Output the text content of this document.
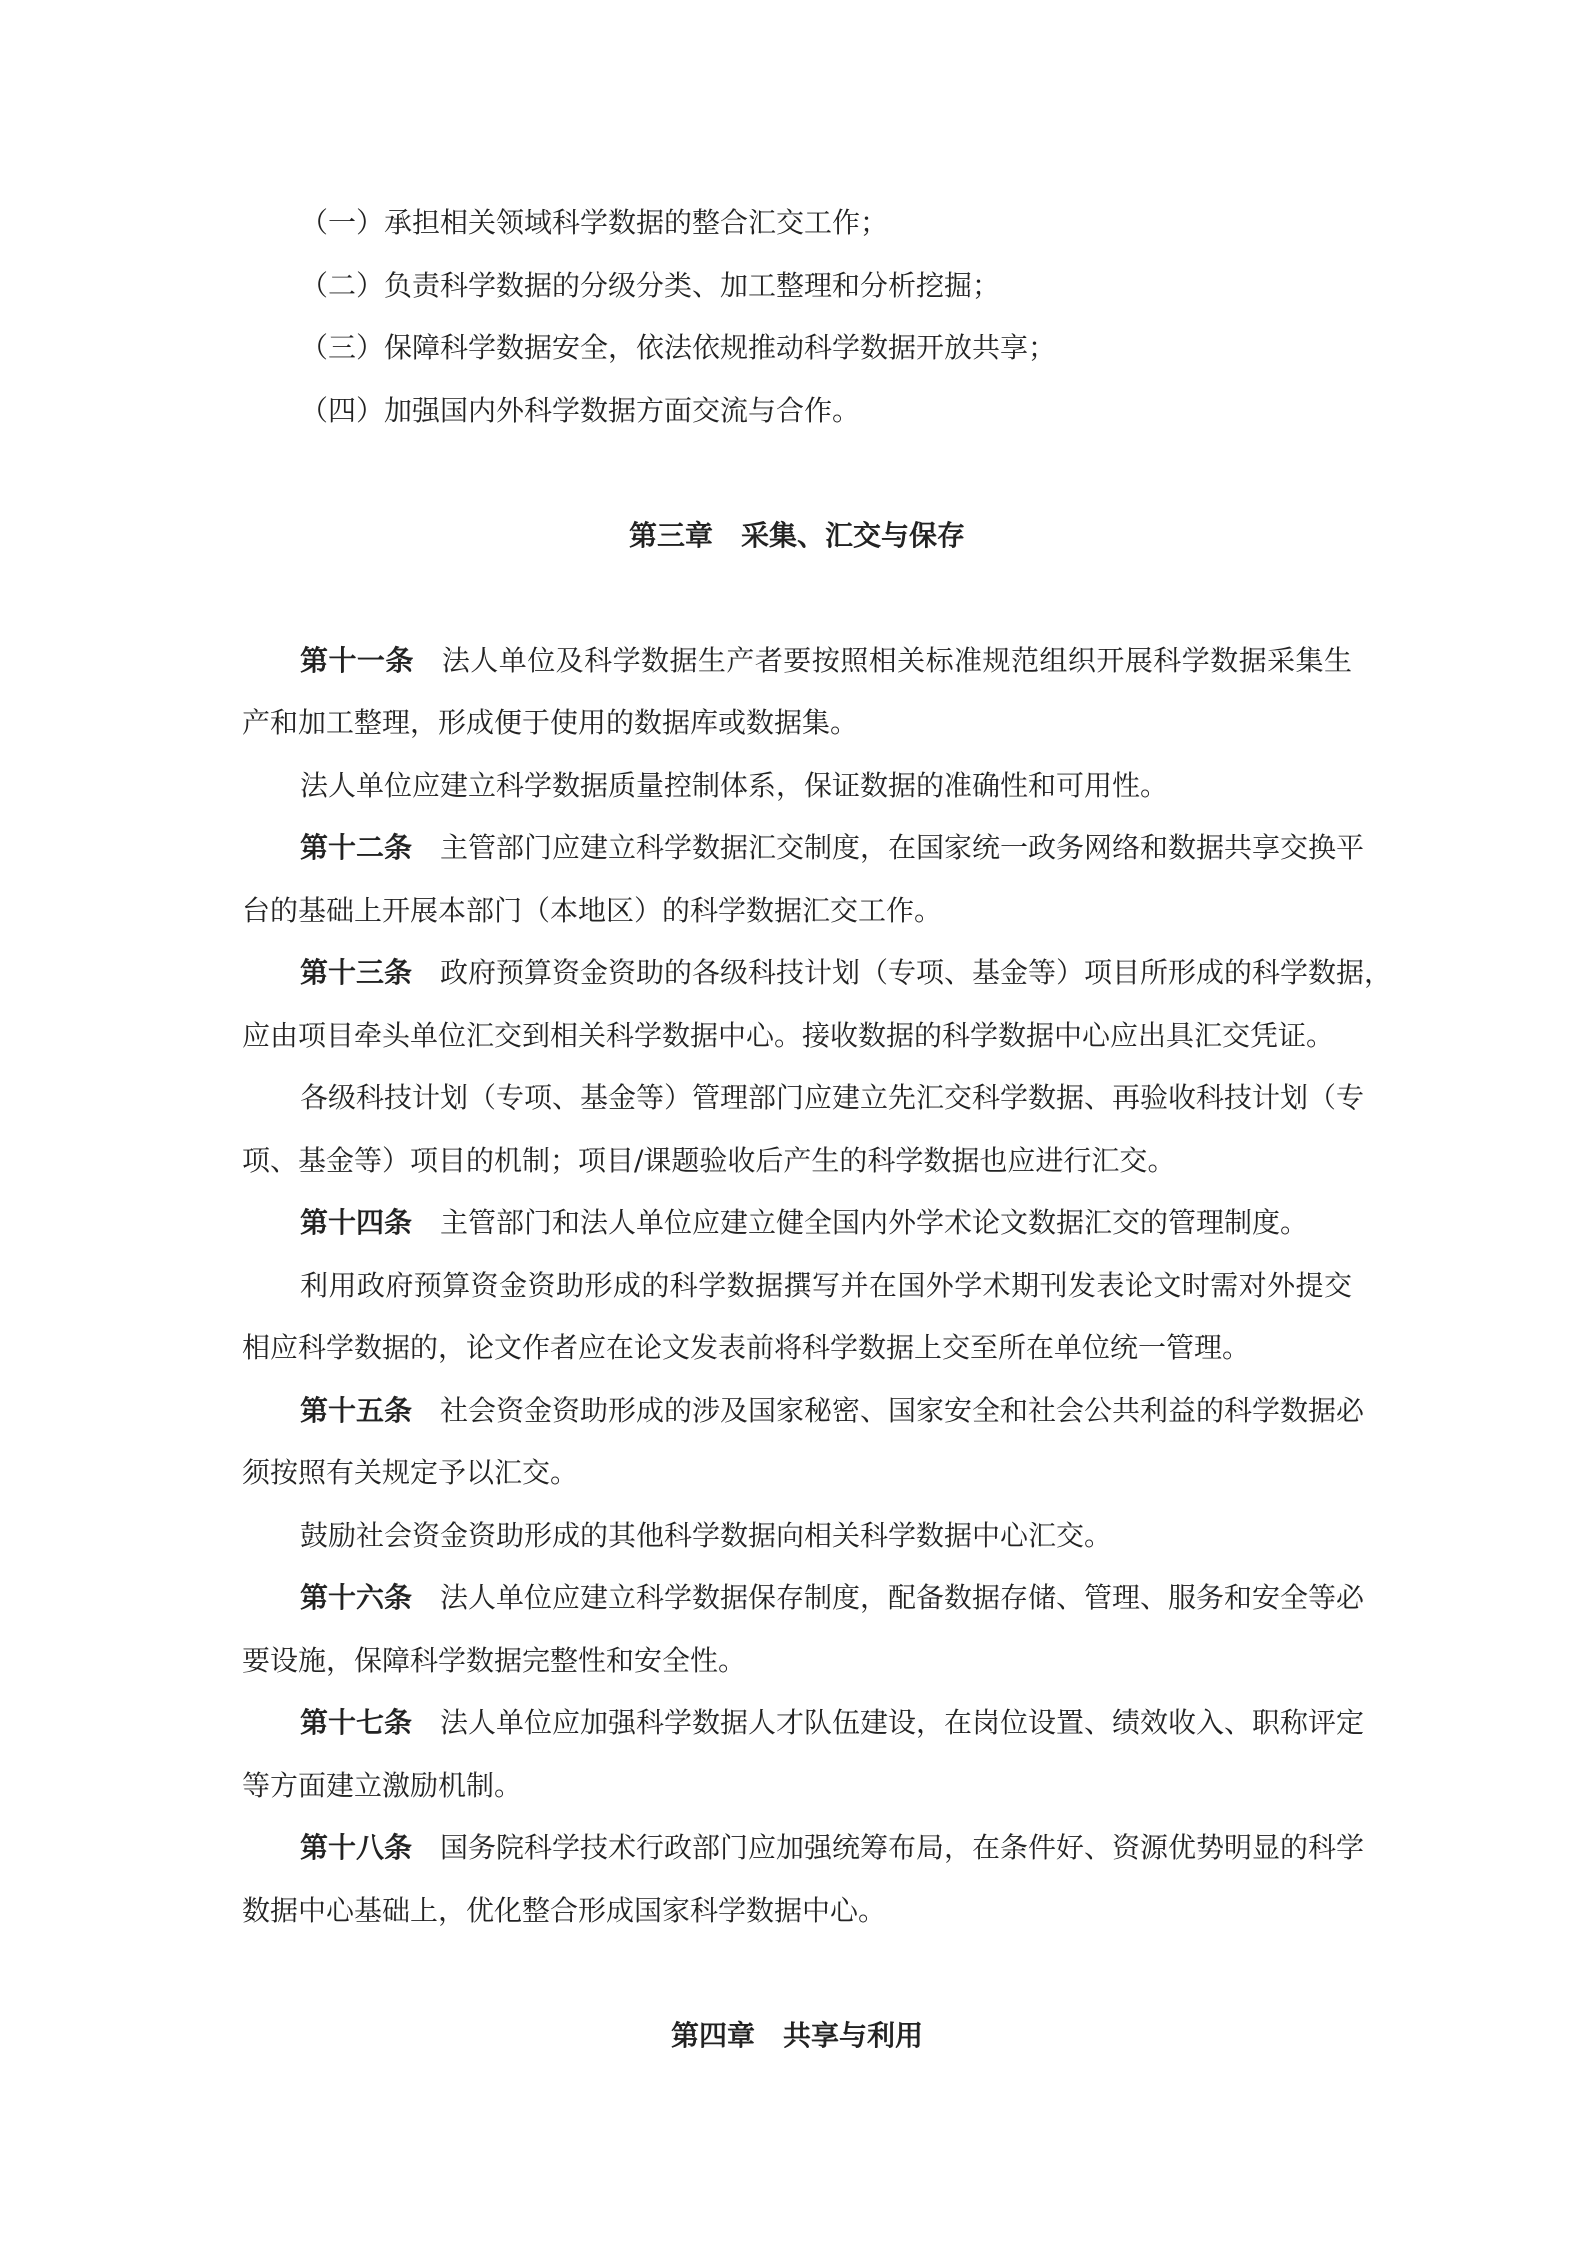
（一）承担相关领域科学数据的整合汇交工作；
（二）负责科学数据的分级分类、加工整理和分析挖掘；
（三）保障科学数据安全，依法依规推动科学数据开放共享；
（四）加强国内外科学数据方面交流与合作。
第三章　采集、汇交与保存
第十一条 法人单位及科学数据生产者要按照相关标准规范组织开展科学数据采集生
产和加工整理，形成便于使用的数据库或数据集。
法人单位应建立科学数据质量控制体系，保证数据的准确性和可用性。
第十二条 主管部门应建立科学数据汇交制度，在国家统一政务网络和数据共享交换平
台的基础上开展本部门（本地区）的科学数据汇交工作。
第十三条 政府预算资金资助的各级科技计划（专项、基金等）项目所形成的科学数据，
应由项目牵头单位汇交到相关科学数据中心。接收数据的科学数据中心应出具汇交凭证。
各级科技计划（专项、基金等）管理部门应建立先汇交科学数据、再验收科技计划（专
项、基金等）项目的机制；项目/课题验收后产生的科学数据也应进行汇交。
第十四条 主管部门和法人单位应建立健全国内外学术论文数据汇交的管理制度。
利用政府预算资金资助形成的科学数据撰写并在国外学术期刊发表论文时需对外提交
相应科学数据的，论文作者应在论文发表前将科学数据上交至所在单位统一管理。
第十五条 社会资金资助形成的涉及国家秘密、国家安全和社会公共利益的科学数据必
须按照有关规定予以汇交。
鼓励社会资金资助形成的其他科学数据向相关科学数据中心汇交。
第十六条 法人单位应建立科学数据保存制度，配备数据存储、管理、服务和安全等必
要设施，保障科学数据完整性和安全性。
第十七条 法人单位应加强科学数据人才队伍建设，在岗位设置、绩效收入、职称评定
等方面建立激励机制。
第十八条 国务院科学技术行政部门应加强统筹布局，在条件好、资源优势明显的科学
数据中心基础上，优化整合形成国家科学数据中心。
第四章　共享与利用
